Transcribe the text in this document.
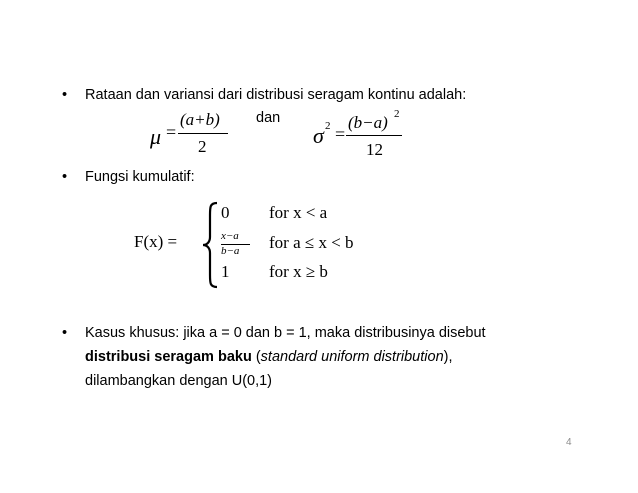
• Rataan dan variansi dari distribusi seragam kontinu adalah:
μ =
(a+b)
2
dan
σ 2 =
(b−a) 2
12
• Fungsi kumulatif:
F(x) =
0 for x < a
x−a
b−a for a ≤ x < b
1 for x ≥ b
• Kasus khusus: jika a = 0 dan b = 1, maka distribusinya disebut
distribusi seragam baku (standard uniform distribution),
dilambangkan dengan U(0,1)
4
